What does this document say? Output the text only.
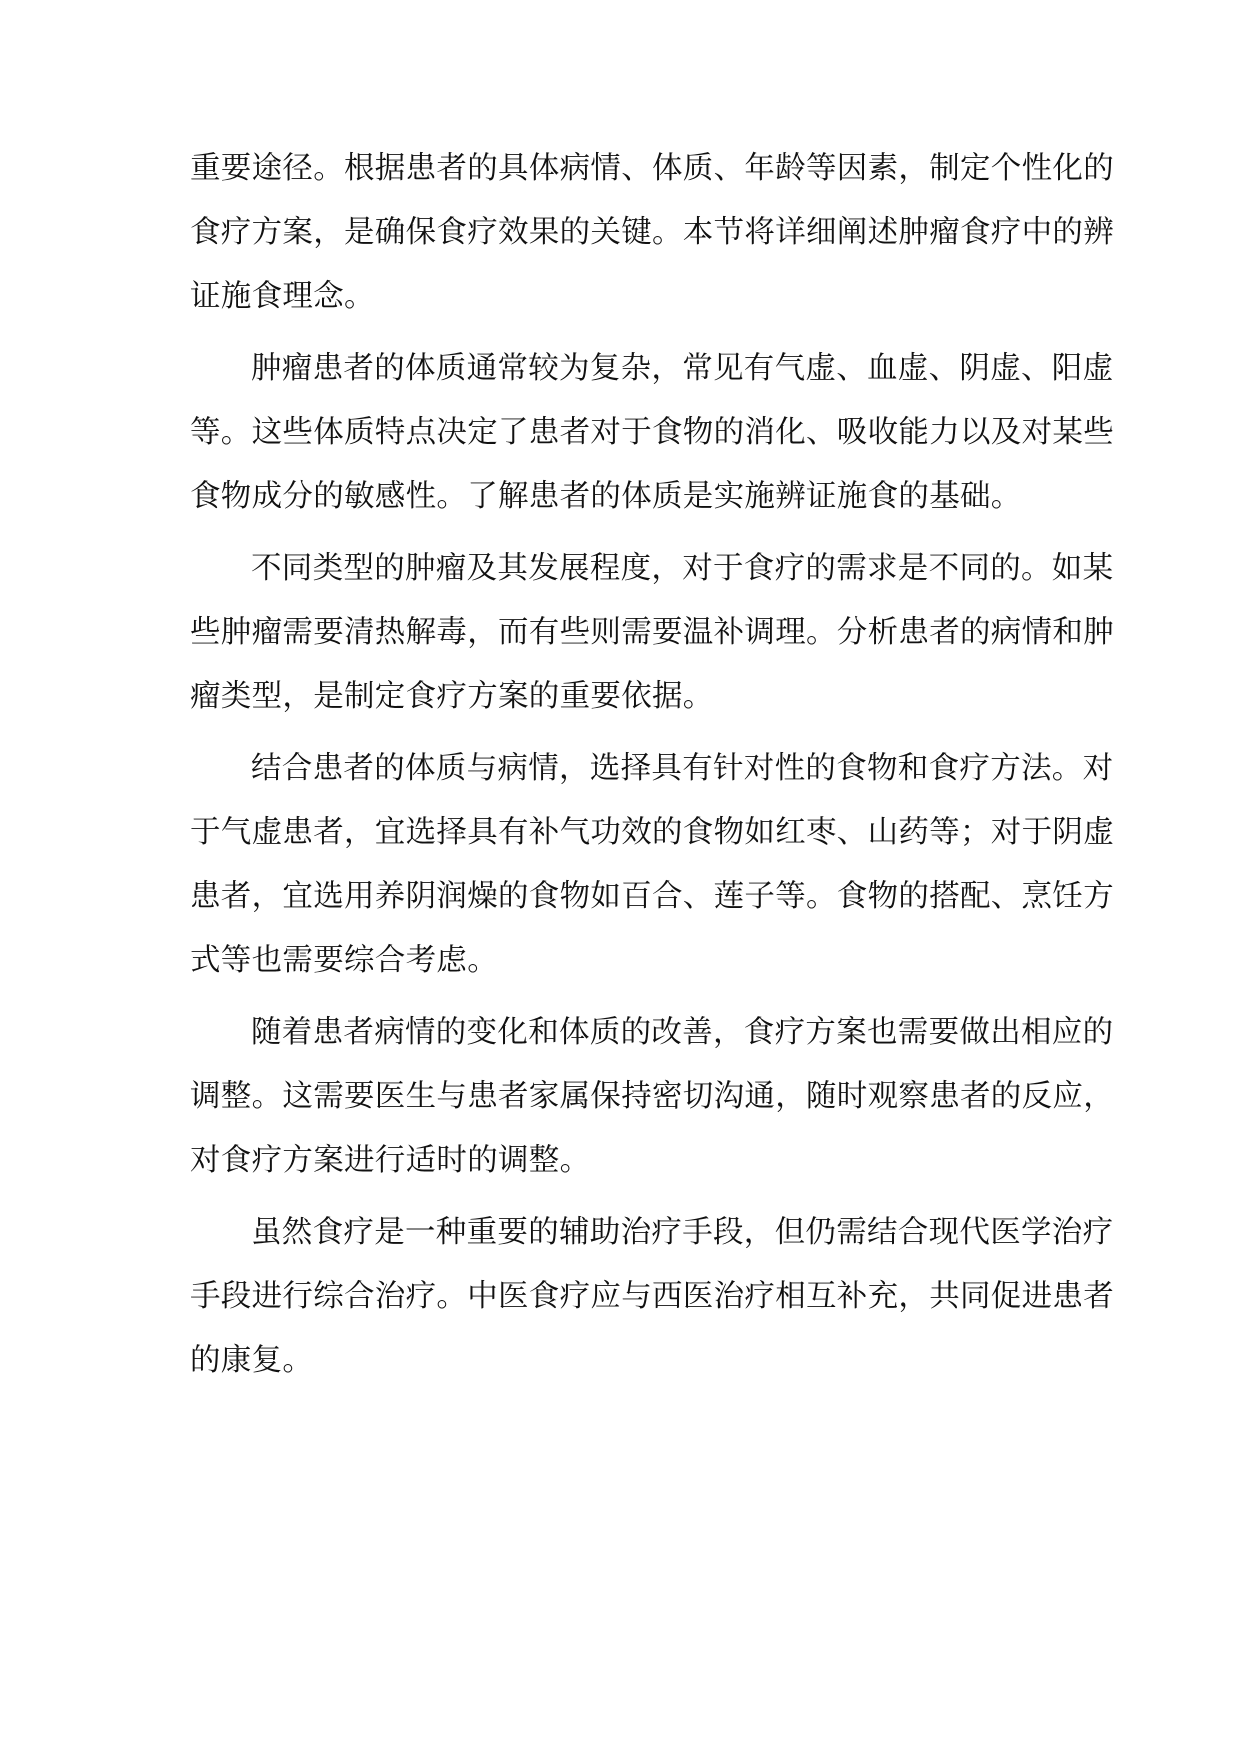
重要途径。根据患者的具体病情、体质、年龄等因素，制定个性化的
食疗方案，是确保食疗效果的关键。本节将详细阐述肿瘤食疗中的辨
证施食理念。
肿瘤患者的体质通常较为复杂，常见有气虚、血虚、阴虚、阳虚
等。这些体质特点决定了患者对于食物的消化、吸收能力以及对某些
食物成分的敏感性。了解患者的体质是实施辨证施食的基础。
不同类型的肿瘤及其发展程度，对于食疗的需求是不同的。如某
些肿瘤需要清热解毒，而有些则需要温补调理。分析患者的病情和肿
瘤类型，是制定食疗方案的重要依据。
结合患者的体质与病情，选择具有针对性的食物和食疗方法。对
于气虚患者，宜选择具有补气功效的食物如红枣、山药等；对于阴虚
患者，宜选用养阴润燥的食物如百合、莲子等。食物的搭配、烹饪方
式等也需要综合考虑。
随着患者病情的变化和体质的改善，食疗方案也需要做出相应的
调整。这需要医生与患者家属保持密切沟通，随时观察患者的反应，
对食疗方案进行适时的调整。
虽然食疗是一种重要的辅助治疗手段，但仍需结合现代医学治疗
手段进行综合治疗。中医食疗应与西医治疗相互补充，共同促进患者
的康复。
